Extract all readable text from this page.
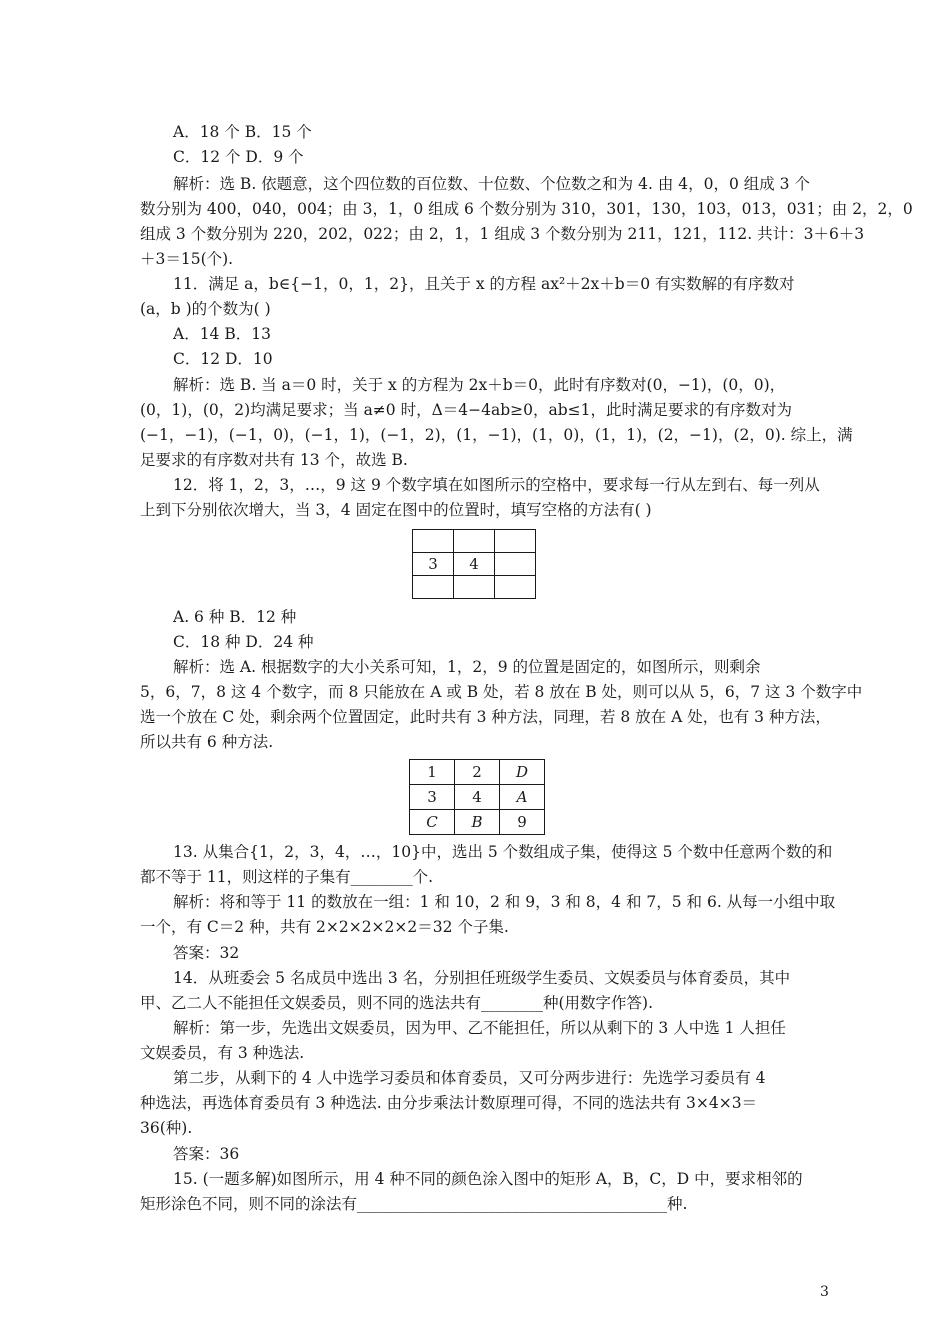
A．18 个 B．15 个
C．12 个 D．9 个
解析：选 B. 依题意，这个四位数的百位数、十位数、个位数之和为 4. 由 4，0，0 组成 3 个
数分别为 400，040，004；由 3，1，0 组成 6 个数分别为 310，301，130，103，013，031；由 2，2，0
组成 3 个数分别为 220，202，022；由 2，1，1 组成 3 个数分别为 211，121，112. 共计：3＋6＋3
＋3＝15(个).
11．满足 a，b∈{−1，0，1，2}，且关于 x 的方程 ax²＋2x＋b＝0 有实数解的有序数对
(a，b )的个数为( )
A．14 B．13
C．12 D．10
解析：选 B. 当 a＝0 时，关于 x 的方程为 2x＋b＝0，此时有序数对(0，−1)，(0，0)，
(0，1)，(0，2)均满足要求；当 a≠0 时，Δ＝4−4ab≥0，ab≤1，此时满足要求的有序数对为
(−1，−1)，(−1，0)，(−1，1)，(−1，2)，(1，−1)，(1，0)，(1，1)，(2，−1)，(2，0). 综上，满
足要求的有序数对共有 13 个，故选 B.
12．将 1，2，3，…，9 这 9 个数字填在如图所示的空格中，要求每一行从左到右、每一列从
上到下分别依次增大，当 3，4 固定在图中的位置时，填写空格的方法有( )

3	4	

A. 6 种 B．12 种
C．18 种 D．24 种
解析：选 A. 根据数字的大小关系可知，1，2，9 的位置是固定的，如图所示，则剩余
5，6，7，8 这 4 个数字，而 8 只能放在 A 或 B 处，若 8 放在 B 处，则可以从 5，6，7 这 3 个数字中
选一个放在 C 处，剩余两个位置固定，此时共有 3 种方法，同理，若 8 放在 A 处，也有 3 种方法，
所以共有 6 种方法.
1	2	D
3	4	A
C	B	9
13. 从集合{1，2，3，4，…，10}中，选出 5 个数组成子集，使得这 5 个数中任意两个数的和
都不等于 11，则这样的子集有________个.
解析：将和等于 11 的数放在一组：1 和 10，2 和 9，3 和 8，4 和 7，5 和 6. 从每一小组中取
一个，有 C＝2 种，共有 2×2×2×2×2＝32 个子集.
答案：32
14．从班委会 5 名成员中选出 3 名，分别担任班级学生委员、文娱委员与体育委员，其中
甲、乙二人不能担任文娱委员，则不同的选法共有________种(用数字作答).
解析：第一步，先选出文娱委员，因为甲、乙不能担任，所以从剩下的 3 人中选 1 人担任
文娱委员，有 3 种选法.
第二步，从剩下的 4 人中选学习委员和体育委员，又可分两步进行：先选学习委员有 4
种选法，再选体育委员有 3 种选法. 由分步乘法计数原理可得，不同的选法共有 3×4×3＝
36(种).
答案：36
15. (一题多解)如图所示，用 4 种不同的颜色涂入图中的矩形 A，B，C，D 中，要求相邻的
矩形涂色不同，则不同的涂法有________________________________________种.
3
